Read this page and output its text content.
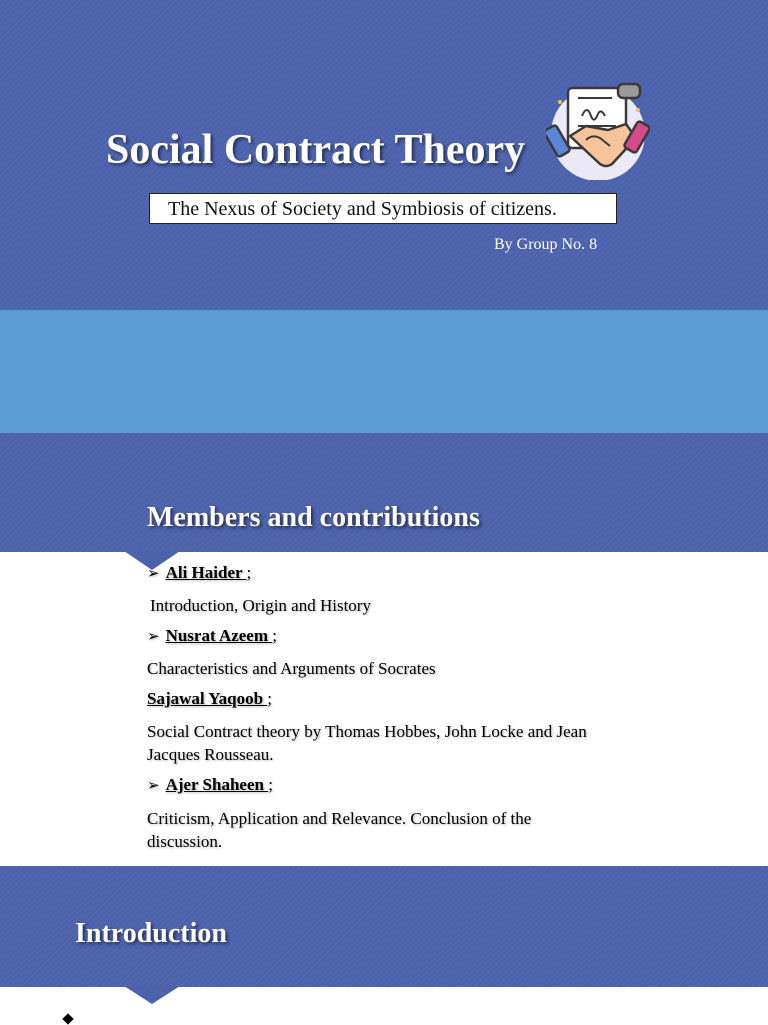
Social Contract Theory
The Nexus of Society and Symbiosis of citizens.
By Group No. 8
Members and contributions
➢ Ali Haider ;
Introduction, Origin and History
➢ Nusrat Azeem ;
Characteristics and Arguments of Socrates
Sajawal Yaqoob ;
Social Contract theory by Thomas Hobbes, John Locke and Jean Jacques Rousseau.
➢ Ajer Shaheen ;
Criticism, Application and Relevance. Conclusion of the discussion.
Introduction
